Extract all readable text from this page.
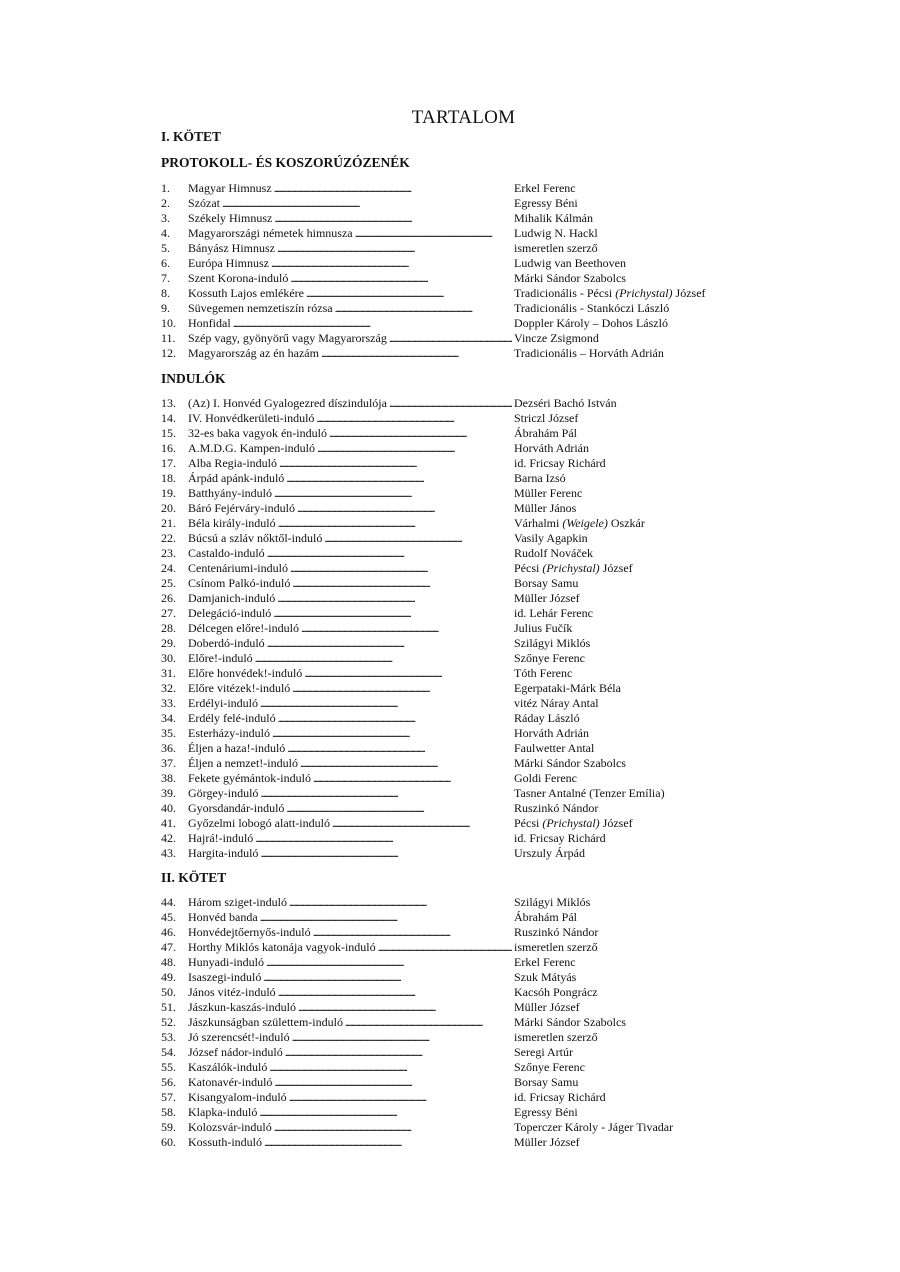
TARTALOM
I. KÖTET
PROTOKOLL- ÉS KOSZORÚZÓZENÉK
1. Magyar Himnusz . . .	Erkel Ferenc
2. Szózat . . .	Egressy Béni
3. Székely Himnusz . . .	Mihalik Kálmán
4. Magyarországi németek himnusza . . .	Ludwig N. Hackl
5. Bányász Himnusz . . .	ismeretlen szerző
6. Európa Himnusz . . .	Ludwig van Beethoven
7. Szent Korona-induló . . .	Márki Sándor Szabolcs
8. Kossuth Lajos emlékére . . .	Tradicionális - Pécsi (Prichystal) József
9. Süvegemen nemzetiszín rózsa . . .	Tradicionális - Stankóczi László
10. Honfidal . . .	Doppler Károly – Dohos László
11. Szép vagy, gyönyörű vagy Magyarország . . .	Vincze Zsigmond
12. Magyarország az én hazám . . .	Tradicionális – Horváth Adrián
INDULÓK
13. (Az) I. Honvéd Gyalogezred díszindulója . . .	Dezséri Bachó István
14. IV. Honvédkerületi-induló . . .	Striczl József
15. 32-es baka vagyok én-induló . . .	Ábrahám Pál
16. A.M.D.G. Kampen-induló . . .	Horváth Adrián
17. Alba Regia-induló . . .	id. Fricsay Richárd
18. Árpád apánk-induló . . .	Barna Izsó
19. Batthyány-induló . . .	Müller Ferenc
20. Báró Fejérváry-induló . . .	Müller János
21. Béla király-induló . . .	Várhalmi (Weigele) Oszkár
22. Búcsú a szláv nőktől-induló . . .	Vasily Agapkin
23. Castaldo-induló . . .	Rudolf Nováček
24. Centenáriumi-induló . . .	Pécsi (Prichystal) József
25. Csínom Palkó-induló . . .	Borsay Samu
26. Damjanich-induló . . .	Müller József
27. Delegáció-induló . . .	id. Lehár Ferenc
28. Délcegen előre!-induló . . .	Julius Fučík
29. Doberdó-induló . . .	Szilágyi Miklós
30. Előre!-induló . . .	Szőnye Ferenc
31. Előre honvédek!-induló . . .	Tóth Ferenc
32. Előre vitézek!-induló . . .	Egerpataki-Márk Béla
33. Erdélyi-induló . . .	vitéz Náray Antal
34. Erdély felé-induló . . .	Ráday László
35. Esterházy-induló . . .	Horváth Adrián
36. Éljen a haza!-induló . . .	Faulwetter Antal
37. Éljen a nemzet!-induló . . .	Márki Sándor Szabolcs
38. Fekete gyémántok-induló . . .	Goldi Ferenc
39. Görgey-induló . . .	Tasner Antalné (Tenzer Emília)
40. Gyorsdandár-induló . . .	Ruszinkó Nándor
41. Győzelmi lobogó alatt-induló . . .	Pécsi (Prichystal) József
42. Hajrá!-induló . . .	id. Fricsay Richárd
43. Hargita-induló . . .	Urszuly Árpád
II. KÖTET
44. Három sziget-induló . . .	Szilágyi Miklós
45. Honvéd banda . . .	Ábrahám Pál
46. Honvédejtőernyős-induló . . .	Ruszinkó Nándor
47. Horthy Miklós katonája vagyok-induló . . .	ismeretlen szerző
48. Hunyadi-induló . . .	Erkel Ferenc
49. Isaszegi-induló . . .	Szuk Mátyás
50. János vitéz-induló . . .	Kacsóh Pongrácz
51. Jászkun-kaszás-induló . . .	Müller József
52. Jászkunságban születtem-induló . . .	Márki Sándor Szabolcs
53. Jó szerencsét!-induló . . .	ismeretlen szerző
54. József nádor-induló . . .	Seregi Artúr
55. Kaszálók-induló . . .	Szőnye Ferenc
56. Katonavér-induló . . .	Borsay Samu
57. Kisangyalom-induló . . .	id. Fricsay Richárd
58. Klapka-induló . . .	Egressy Béni
59. Kolozsvár-induló . . .	Toperczer Károly - Jáger Tivadar
60. Kossuth-induló . . .	Müller József
